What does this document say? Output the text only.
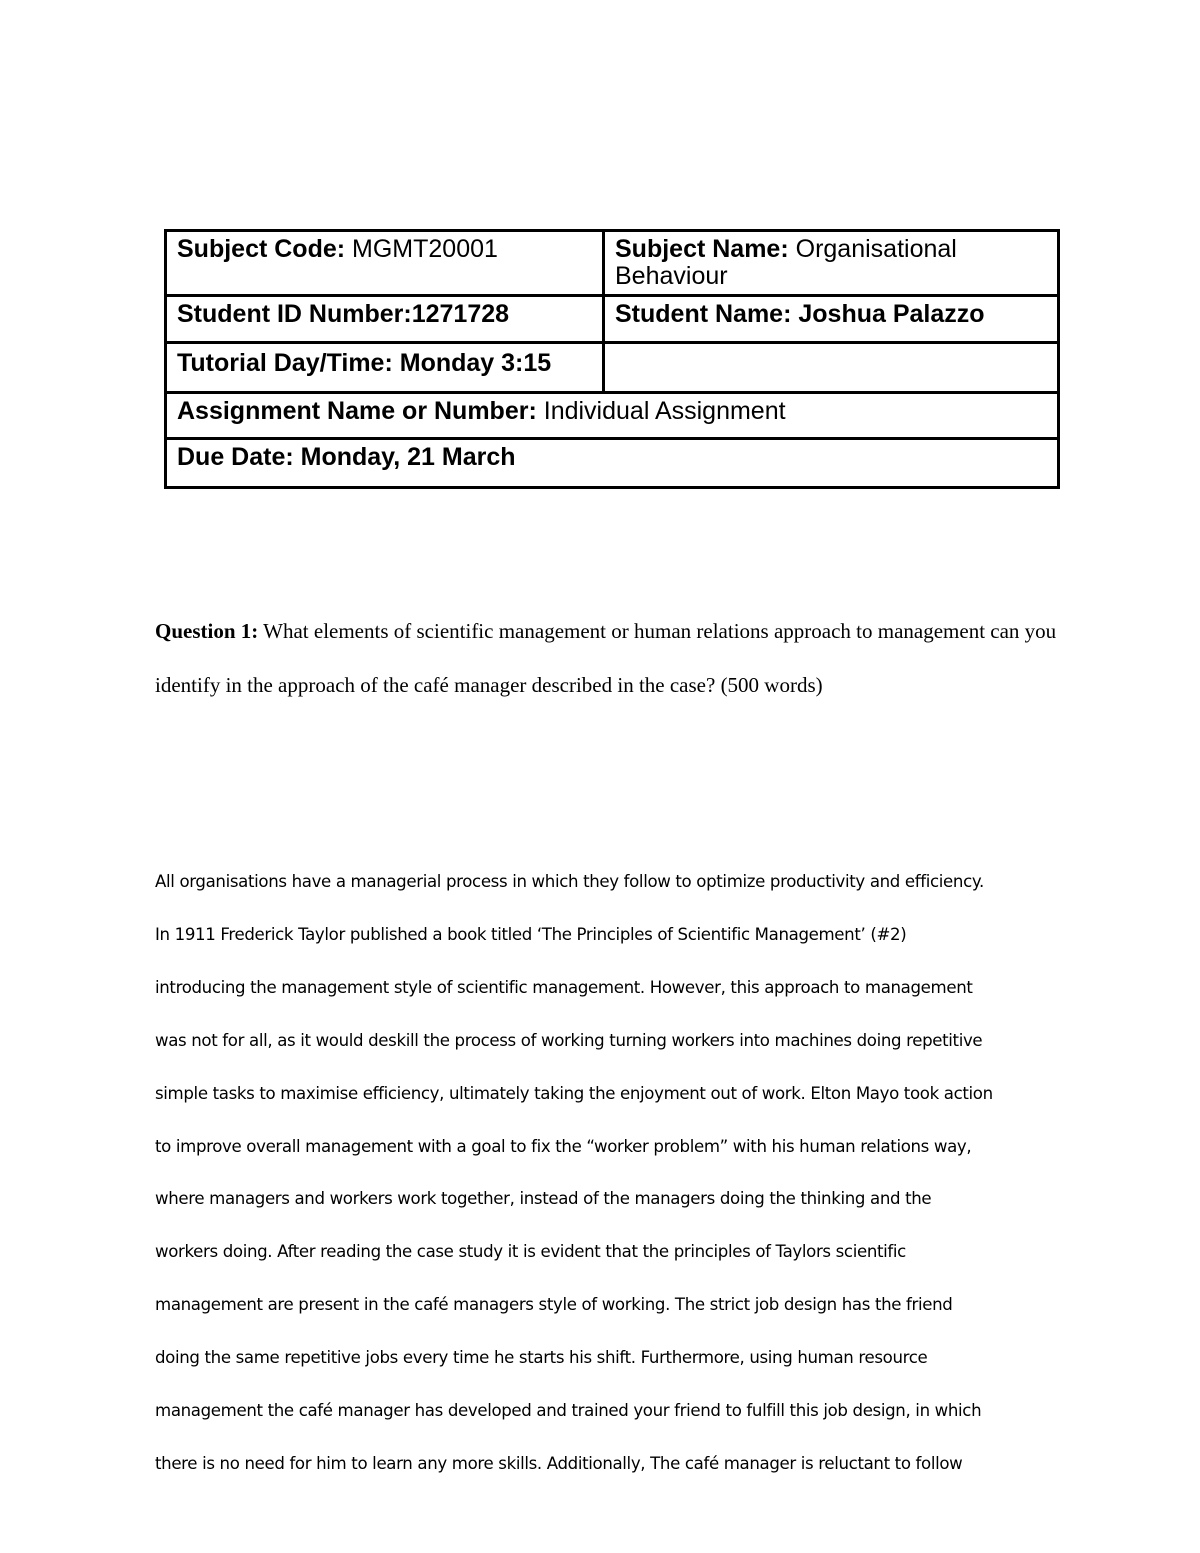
Subject Code: MGMT20001	Subject Name: Organisational Behaviour
Student ID Number:1271728	Student Name: Joshua Palazzo
Tutorial Day/Time: Monday 3:15	
Assignment Name or Number: Individual Assignment	
Due Date: Monday, 21 March	

Question 1: What elements of scientific management or human relations approach to management can you identify in the approach of the café manager described in the case? (500 words)

All organisations have a managerial process in which they follow to optimize productivity and efficiency.
In 1911 Frederick Taylor published a book titled ‘The Principles of Scientific Management’ (#2)
introducing the management style of scientific management. However, this approach to management
was not for all, as it would deskill the process of working turning workers into machines doing repetitive
simple tasks to maximise efficiency, ultimately taking the enjoyment out of work. Elton Mayo took action
to improve overall management with a goal to fix the “worker problem” with his human relations way,
where managers and workers work together, instead of the managers doing the thinking and the
workers doing. After reading the case study it is evident that the principles of Taylors scientific
management are present in the café managers style of working. The strict job design has the friend
doing the same repetitive jobs every time he starts his shift. Furthermore, using human resource
management the café manager has developed and trained your friend to fulfill this job design, in which
there is no need for him to learn any more skills. Additionally, The café manager is reluctant to follow
